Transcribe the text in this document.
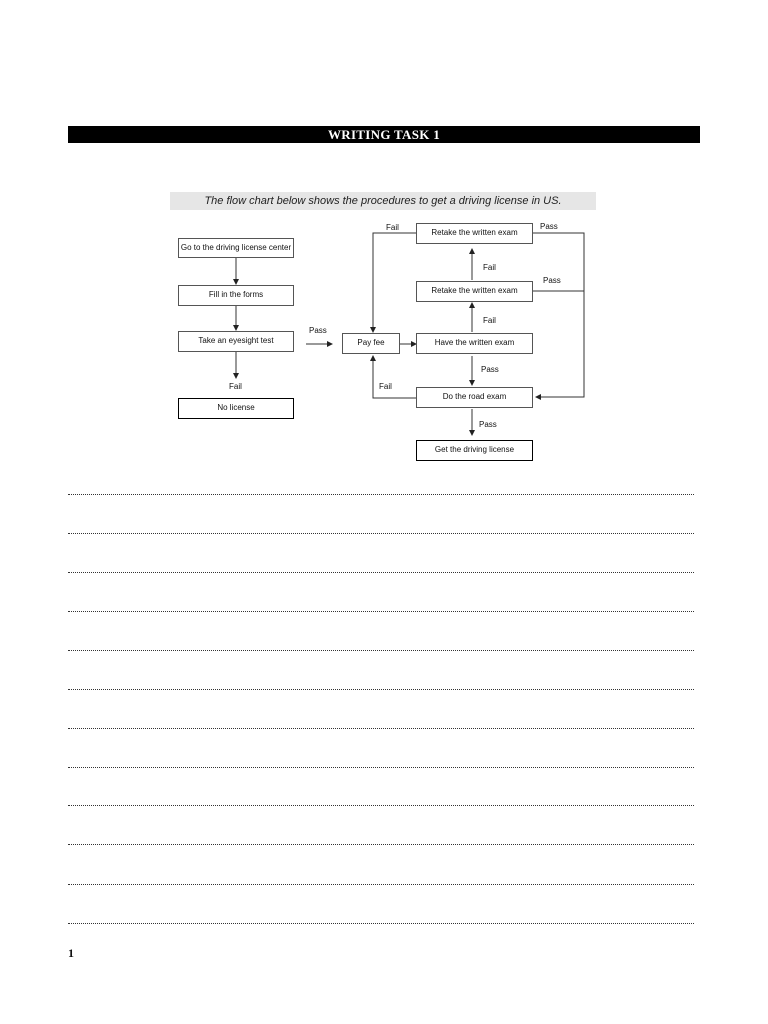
WRITING TASK 1
The flow chart below shows the procedures to get a driving license in US.
Go to the driving license center
Fill in the forms
Take an eyesight test
No license
Pay fee	Have the written exam
Retake the written exam
Retake the written exam
Do the road exam
Get the driving license
Pass
Fail
Pass
Fail
Fail
Fail	Pass
Pass
Fail
Pass
1
